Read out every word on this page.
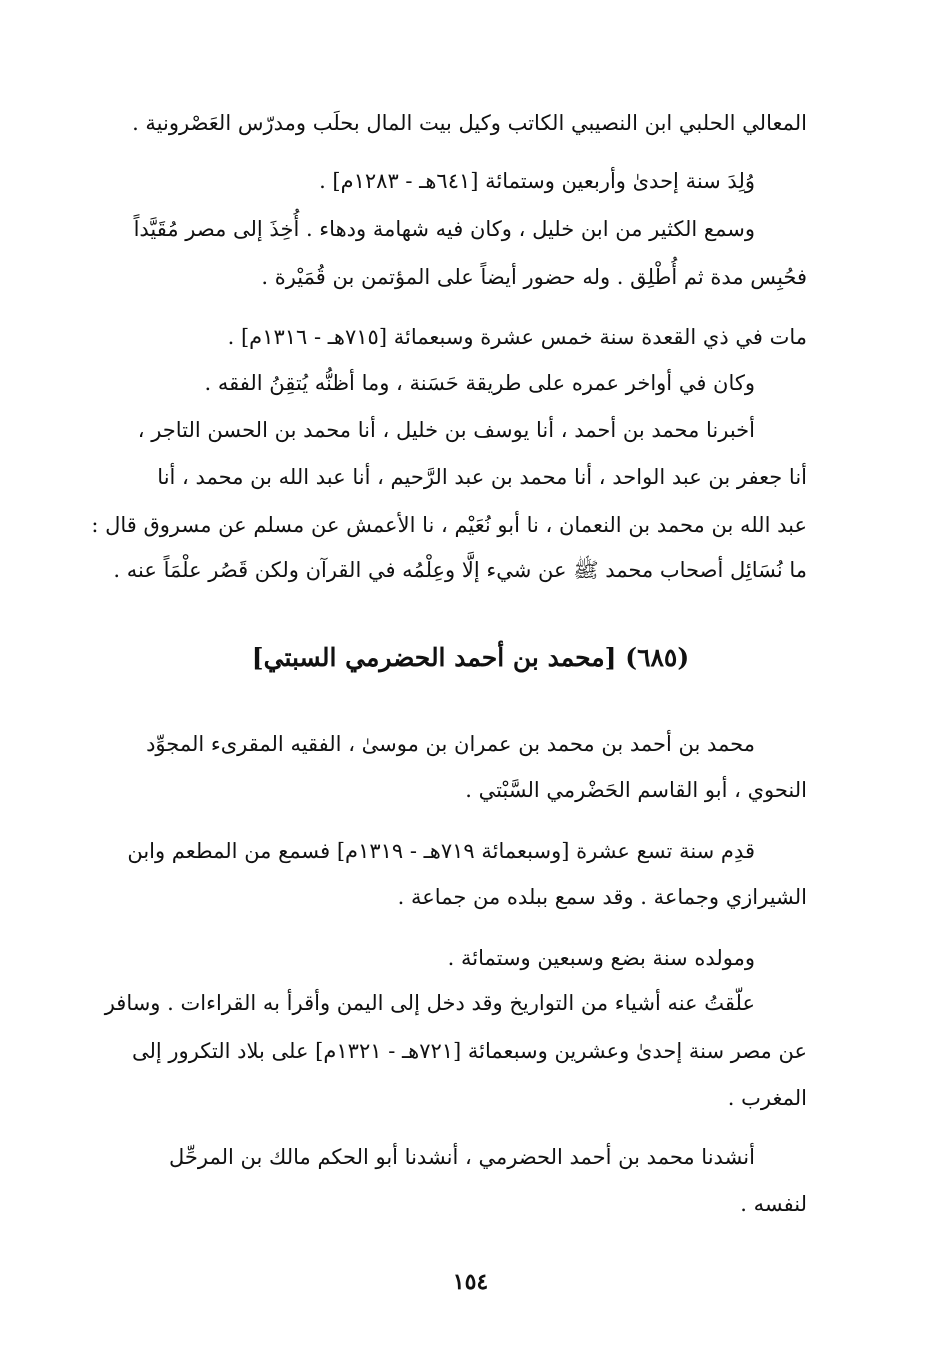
المعالي الحلبي ابن النصيبي الكاتب وكيل بيت المال بحلَب ومدرّس العَصْرونية .
وُلِدَ سنة إحدىٰ وأربعين وستمائة [٦٤١هـ - ١٢٨٣م] .
وسمع الكثير من ابن خليل ، وكان فيه شهامة ودهاء . أُخِذَ إلى مصر مُقَيَّداً
فحُبِس مدة ثم أُطْلِق . وله حضور أيضاً على المؤتمن بن قُمَيْرة .
مات في ذي القعدة سنة خمس عشرة وسبعمائة [٧١٥هـ - ١٣١٦م] .
وكان في أواخر عمره على طريقة حَسَنة ، وما أظنُّه يُتقِنُ الفقه .
أخبرنا محمد بن أحمد ، أنا يوسف بن خليل ، أنا محمد بن الحسن التاجر ،
أنا جعفر بن عبد الواحد ، أنا محمد بن عبد الرَّحيم ، أنا عبد الله بن محمد ، أنا
عبد الله بن محمد بن النعمان ، نا أبو نُعَيْم ، نا الأعمش عن مسلم عن مسروق قال :
ما نُسَائِل أصحاب محمد ﷺ عن شيء إلَّا وعِلْمُه في القرآن ولكن قَصُر علْمَاً عنه .
(٦٨٥) [محمد بن أحمد الحضرمي السبتي]
محمد بن أحمد بن محمد بن عمران بن موسىٰ ، الفقيه المقرىء المجوِّد
النحوي ، أبو القاسم الحَضْرمي السَّبْتي .
قدِم سنة تسع عشرة [وسبعمائة ٧١٩هـ - ١٣١٩م] فسمع من المطعم وابن
الشيرازي وجماعة . وقد سمع ببلده من جماعة .
ومولده سنة بضع وسبعين وستمائة .
علّقتُ عنه أشياء من التواريخ وقد دخل إلى اليمن وأقرأ به القراءات . وسافر
عن مصر سنة إحدىٰ وعشرين وسبعمائة [٧٢١هـ - ١٣٢١م] على بلاد التكرور إلى
المغرب .
أنشدنا محمد بن أحمد الحضرمي ، أنشدنا أبو الحكم مالك بن المرحِّل
لنفسه .
١٥٤
